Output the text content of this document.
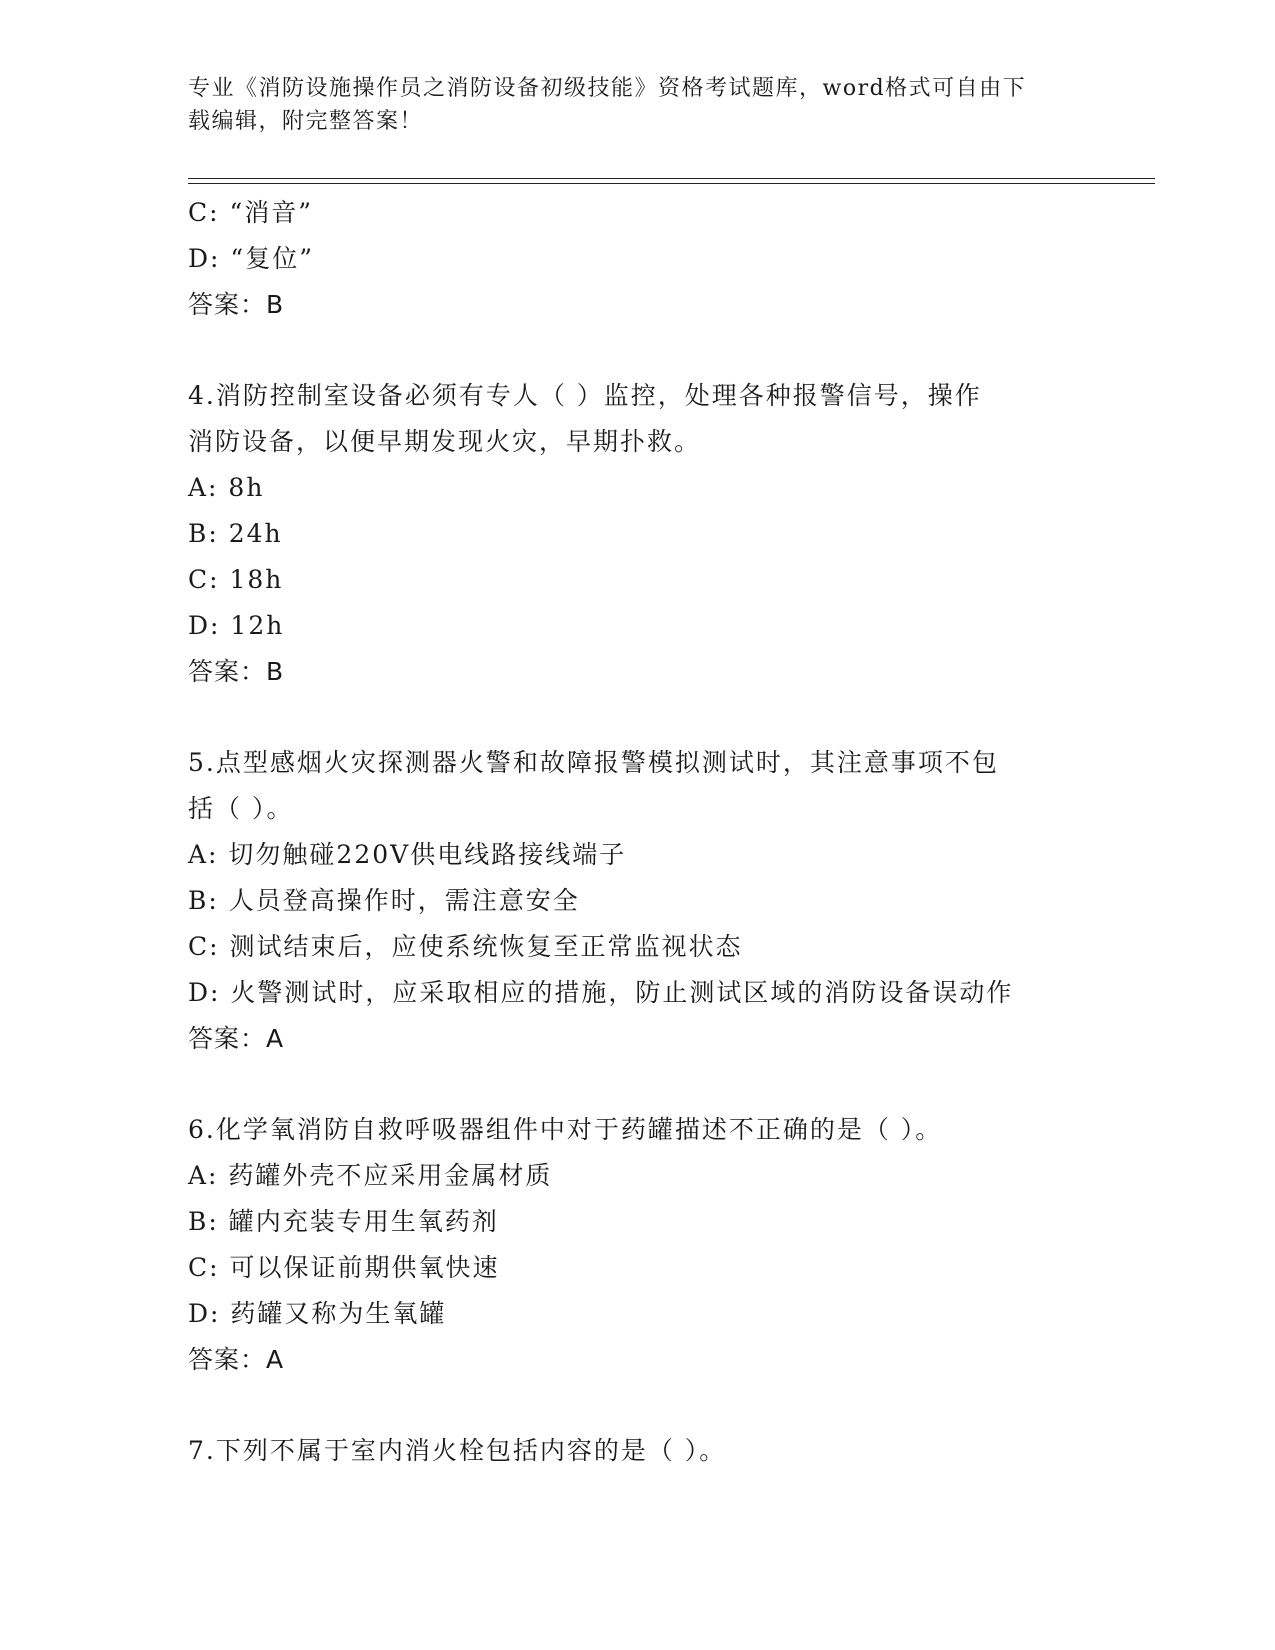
专业《消防设施操作员之消防设备初级技能》资格考试题库，word格式可自由下
载编辑，附完整答案！
C: “消音”
D: “复位”
答案：B
4.消防控制室设备必须有专人（ ）监控，处理各种报警信号，操作
消防设备，以便早期发现火灾，早期扑救。
A: 8h
B: 24h
C: 18h
D: 12h
答案：B
5.点型感烟火灾探测器火警和故障报警模拟测试时，其注意事项不包
括（ ）。
A: 切勿触碰220V供电线路接线端子
B: 人员登高操作时，需注意安全
C: 测试结束后，应使系统恢复至正常监视状态
D: 火警测试时，应采取相应的措施，防止测试区域的消防设备误动作
答案：A
6.化学氧消防自救呼吸器组件中对于药罐描述不正确的是（ ）。
A: 药罐外壳不应采用金属材质
B: 罐内充装专用生氧药剂
C: 可以保证前期供氧快速
D: 药罐又称为生氧罐
答案：A
7.下列不属于室内消火栓包括内容的是（ ）。
